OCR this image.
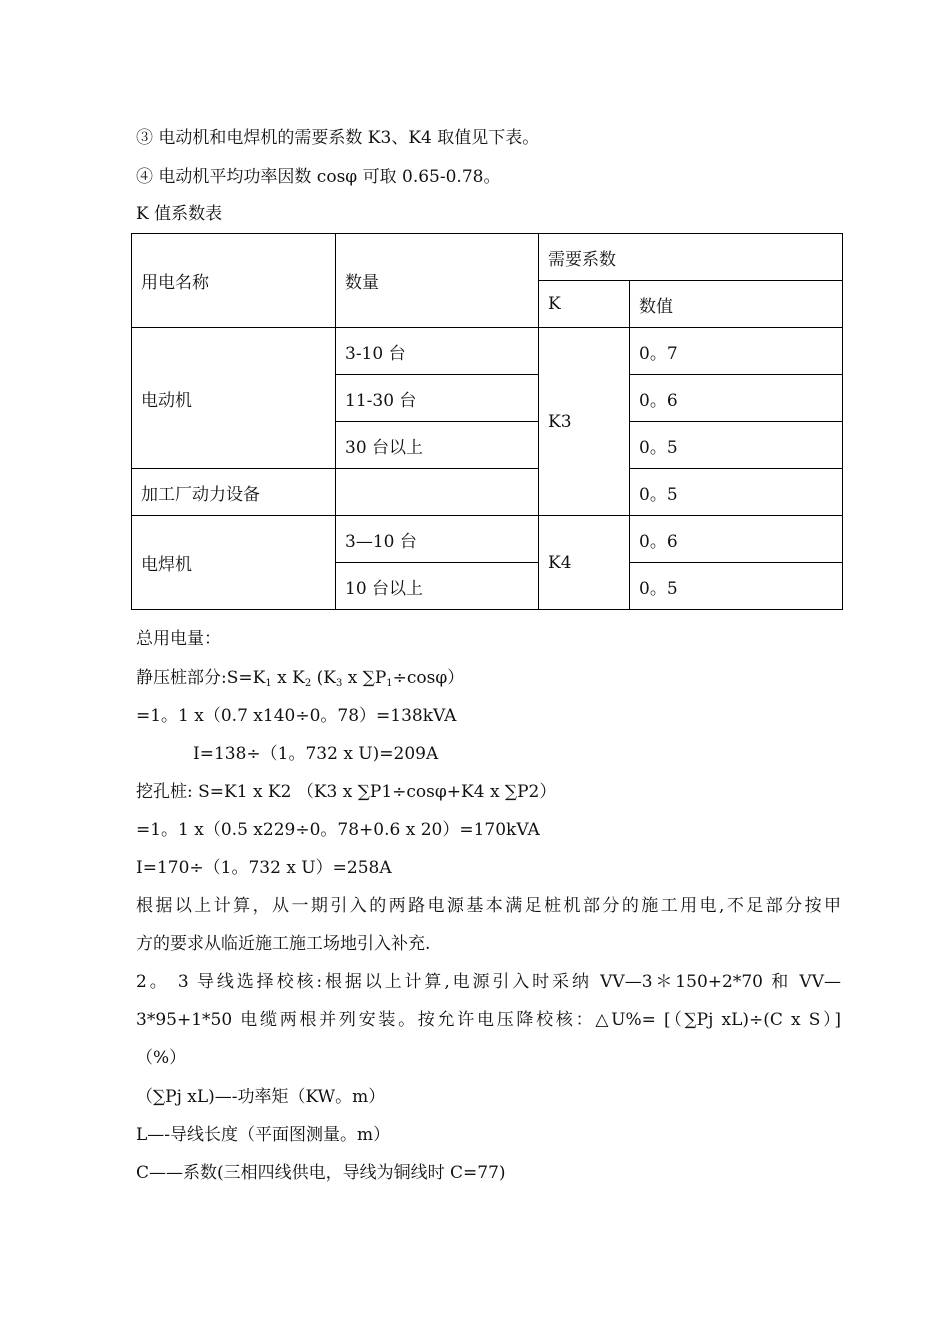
③ 电动机和电焊机的需要系数 K3、K4 取值见下表。
④ 电动机平均功率因数 cosφ 可取 0.65-0.78。
K 值系数表
用电名称	数量	需要系数	
		K	数值
电动机	3-10 台	K3	0。7
	11-30 台		0。6
	30 台以上		0。5
加工厂动力设备			0。5
电焊机	3—10 台	K4	0。6
	10 台以上		0。5
总用电量：
静压桩部分$:S=K_1$ x $K_2$ ($K_3$ x $\sum P_1\div\cos\varphi$）
=1。1 x（0.7 x140÷0。78）=138kVA
I=138÷（1。732 x U)=209A
挖孔桩: S=K1 x K2 （K3 x ∑P1÷cosφ+K4 x ∑P2）
=1。1 x（0.5 x229÷0。78+0.6 x 20）=170kVA
I=170÷（1。732 x U）=258A
根据以上计算，从一期引入的两路电源基本满足桩机部分的施工用电,不足部分按甲
方的要求从临近施工施工场地引入补充.
2。 3 导线选择校核:根据以上计算,电源引入时采纳 VV—3＊150+2*70 和 VV—
3*95+1*50 电缆两根并列安装。按允许电压降校核：△U%= [（∑Pj xL)÷(C x S）]
（%）
（∑Pj xL)—-功率矩（KW。m）
L—-导线长度（平面图测量。m）
C——系数(三相四线供电，导线为铜线时 C=77)
